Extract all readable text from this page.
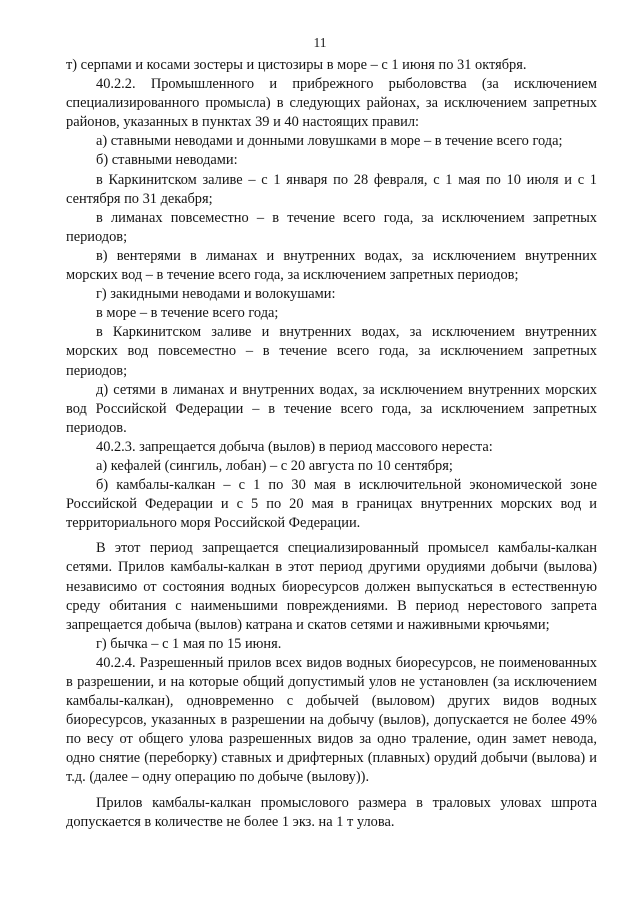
11

т) серпами и косами зостеры и цистозиры в море – с 1 июня по 31 октября.

40.2.2. Промышленного и прибрежного рыболовства (за исключением специализированного промысла) в следующих районах, за исключением запретных районов, указанных в пунктах 39 и 40 настоящих правил:

а) ставными неводами и донными ловушками в море – в течение всего года;

б) ставными неводами:

в Каркинитском заливе – с 1 января по 28 февраля, с 1 мая по 10 июля и с 1 сентября по 31 декабря;

в лиманах повсеместно – в течение всего года, за исключением запретных периодов;

в) вентерями в лиманах и внутренних водах, за исключением внутренних морских вод – в течение всего года, за исключением запретных периодов;

г) закидными неводами и волокушами:

в море – в течение всего года;

в Каркинитском заливе и внутренних водах, за исключением внутренних морских вод повсеместно – в течение всего года, за исключением запретных периодов;

д) сетями в лиманах и внутренних водах, за исключением внутренних морских вод Российской Федерации – в течение всего года, за исключением запретных периодов.

40.2.3. запрещается добыча (вылов) в период массового нереста:

а) кефалей (сингиль, лобан) – с 20 августа по 10 сентября;

б) камбалы-калкан – с 1 по 30 мая в исключительной экономической зоне Российской Федерации и с 5 по 20 мая в границах внутренних морских вод и территориального моря Российской Федерации.

В этот период запрещается специализированный промысел камбалы-калкан сетями. Прилов камбалы-калкан в этот период другими орудиями добычи (вылова) независимо от состояния водных биоресурсов должен выпускаться в естественную среду обитания с наименьшими повреждениями. В период нерестового запрета запрещается добыча (вылов) катрана и скатов сетями и наживными крючьями;

г) бычка – с 1 мая по 15 июня.

40.2.4. Разрешенный прилов всех видов водных биоресурсов, не поименованных в разрешении, и на которые общий допустимый улов не установлен (за исключением камбалы-калкан), одновременно с добычей (выловом) других видов водных биоресурсов, указанных в разрешении на добычу (вылов), допускается не более 49% по весу от общего улова разрешенных видов за одно траление, один замет невода, одно снятие (переборку) ставных и дрифтерных (плавных) орудий добычи (вылова) и т.д. (далее – одну операцию по добыче (вылову)).

Прилов камбалы-калкан промыслового размера в траловых уловах шпрота допускается в количестве не более 1 экз. на 1 т улова.
